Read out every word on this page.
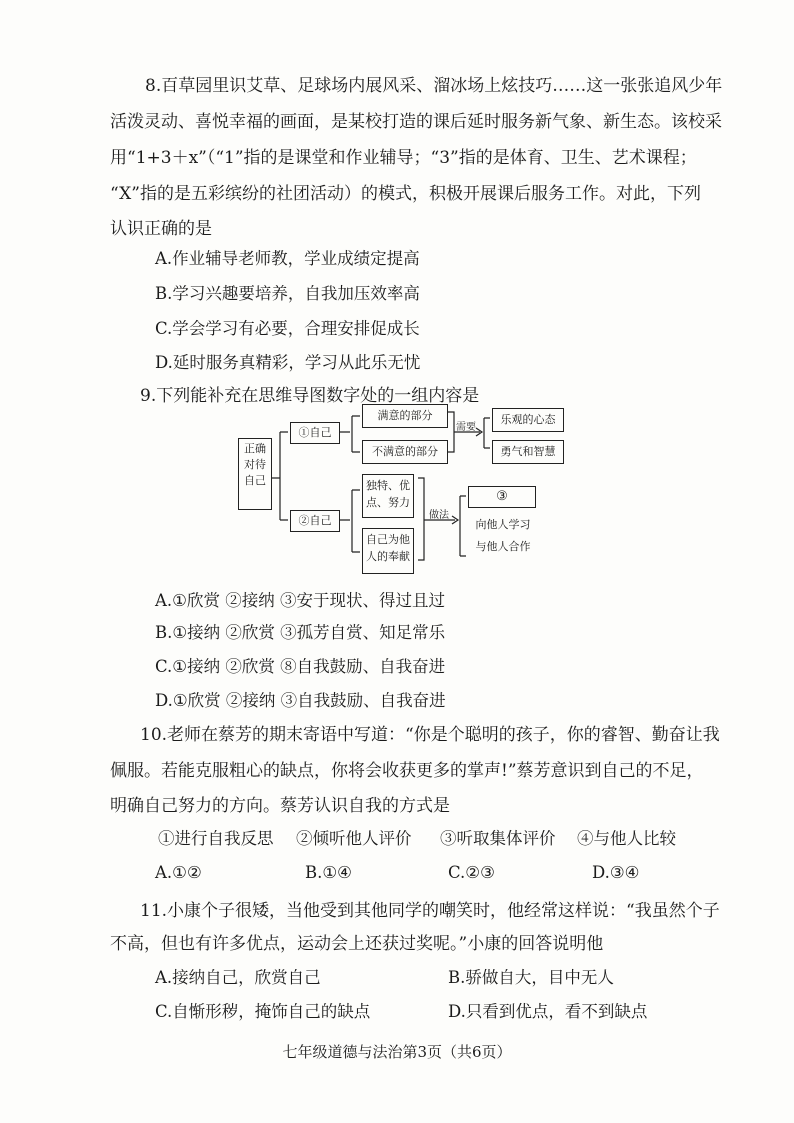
8.百草园里识艾草、足球场内展风采、溜冰场上炫技巧……这一张张追风少年
活泼灵动、喜悦幸福的画面，是某校打造的课后延时服务新气象、新生态。该校采
用“1+3＋x”（“1”指的是课堂和作业辅导；“3”指的是体育、卫生、艺术课程；
“X”指的是五彩缤纷的社团活动）的模式，积极开展课后服务工作。对此，下列
认识正确的是
A.作业辅导老师教，学业成绩定提高
B.学习兴趣要培养，自我加压效率高
C.学会学习有必要，合理安排促成长
D.延时服务真精彩，学习从此乐无忧
9.下列能补充在思维导图数字处的一组内容是
正确对待自己
①自己
②自己
满意的部分
不满意的部分
需要
乐观的心态
勇气和智慧
独特、优点、努力
自己为他人的奉献
做法
③
向他人学习
与他人合作
A.①欣赏 ②接纳 ③安于现状、得过且过
B.①接纳 ②欣赏 ③孤芳自赏、知足常乐
C.①接纳 ②欣赏 ⑧自我鼓励、自我奋进
D.①欣赏 ②接纳 ③自我鼓励、自我奋进
10.老师在蔡芳的期末寄语中写道：“你是个聪明的孩子，你的睿智、勤奋让我
佩服。若能克服粗心的缺点，你将会收获更多的掌声!”蔡芳意识到自己的不足，
明确自己努力的方向。蔡芳认识自我的方式是
①进行自我反思 ②倾听他人评价 ③听取集体评价 ④与他人比较
A.①②	B.①④	C.②③	D.③④
11.小康个子很矮，当他受到其他同学的嘲笑时，他经常这样说：“我虽然个子
不高，但也有许多优点，运动会上还获过奖呢。”小康的回答说明他
A.接纳自己，欣赏自己	B.骄做自大，目中无人
C.自惭形秽，掩饰自己的缺点	D.只看到优点，看不到缺点
七年级道德与法治第3页（共6页）
